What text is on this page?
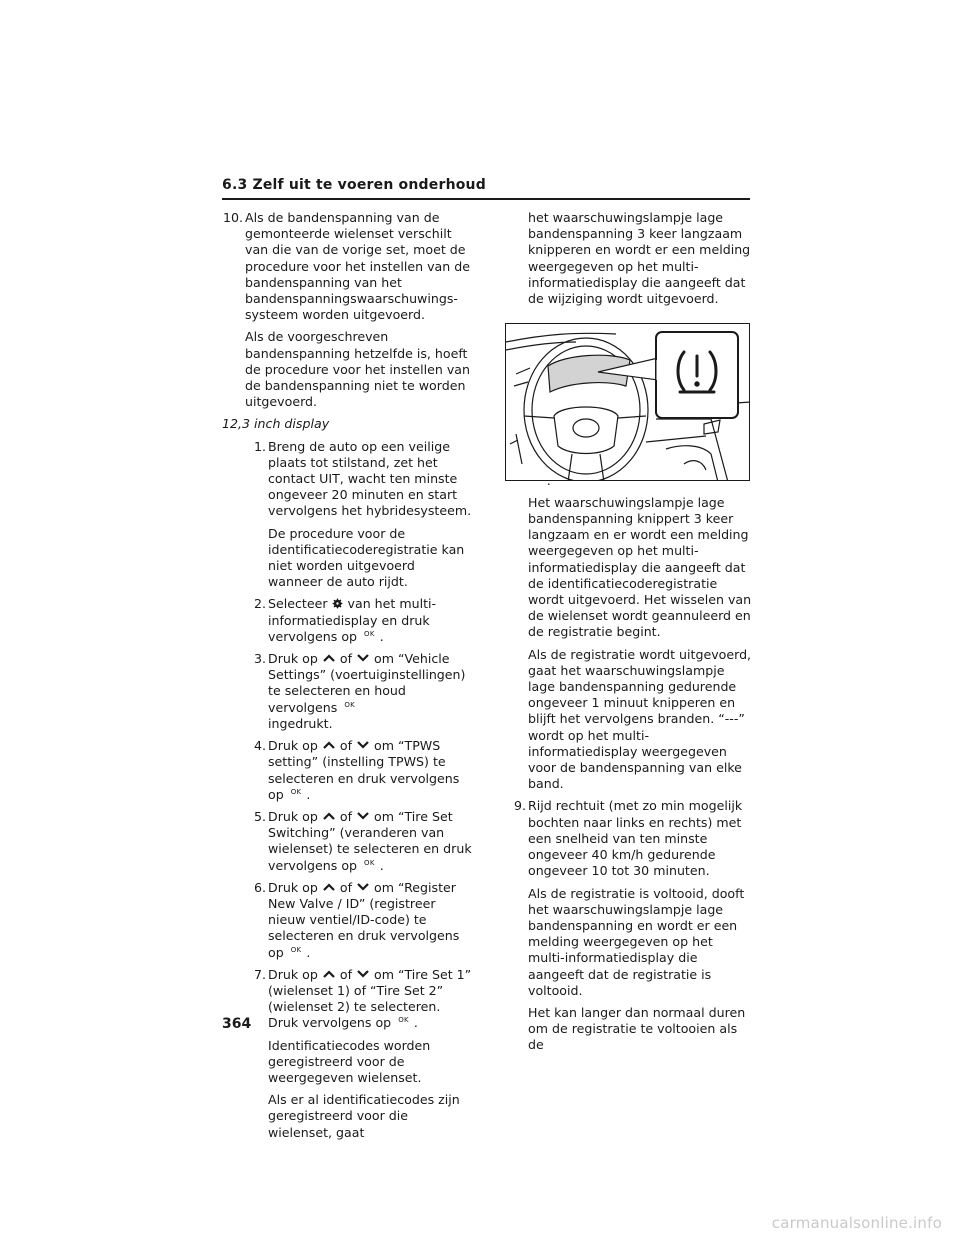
6.3 Zelf uit te voeren onderhoud
10. Als de bandenspanning van de gemonteerde wielenset verschilt van die van de vorige set, moet de procedure voor het instellen van de bandenspanning van het bandenspanningswaarschuwings-systeem worden uitgevoerd.

Als de voorgeschreven bandenspanning hetzelfde is, hoeft de procedure voor het instellen van de bandenspanning niet te worden uitgevoerd.

12,3 inch display
1. Breng de auto op een veilige plaats tot stilstand, zet het contact UIT, wacht ten minste ongeveer 20 minuten en start vervolgens het hybridesysteem.

De procedure voor de identificatiecoderegistratie kan niet worden uitgevoerd wanneer de auto rijdt.

2. Selecteer van het multi-informatiedisplay en druk vervolgens op OK .

3. Druk op of om “Vehicle Settings” (voertuiginstellingen) te selecteren en houd vervolgens OK
ingedrukt.

4. Druk op of om “TPWS setting” (instelling TPWS) te selecteren en druk vervolgens op OK .

5. Druk op of om “Tire Set Switching” (veranderen van wielenset) te selecteren en druk vervolgens op OK .

6. Druk op of om “Register New Valve / ID” (registreer nieuw ventiel/ID-code) te selecteren en druk vervolgens op OK .

7. Druk op of om “Tire Set 1” (wielenset 1) of “Tire Set 2” (wielenset 2) te selecteren. Druk vervolgens op OK .

Identificatiecodes worden geregistreerd voor de weergegeven wielenset.

Als er al identificatiecodes zijn geregistreerd voor die wielenset, gaat

het waarschuwingslampje lage bandenspanning 3 keer langzaam knipperen en wordt er een melding weergegeven op het multi-informatiedisplay die aangeeft dat de wijziging wordt uitgevoerd.

Het waarschuwingslampje lage bandenspanning knippert 3 keer langzaam en er wordt een melding weergegeven op het multi-informatiedisplay die aangeeft dat de identificatiecoderegistratie wordt uitgevoerd. Het wisselen van de wielenset wordt geannuleerd en de registratie begint.

Als de registratie wordt uitgevoerd, gaat het waarschuwingslampje lage bandenspanning gedurende ongeveer 1 minuut knipperen en blijft het vervolgens branden. “---” wordt op het multi-informatiedisplay weergegeven voor de bandenspanning van elke band.

9. Rijd rechtuit (met zo min mogelijk bochten naar links en rechts) met een snelheid van ten minste ongeveer 40 km/h gedurende ongeveer 10 tot 30 minuten.

Als de registratie is voltooid, dooft het waarschuwingslampje lage bandenspanning en wordt er een melding weergegeven op het multi-informatiedisplay die aangeeft dat de registratie is voltooid.

Het kan langer dan normaal duren om de registratie te voltooien als de

364
carmanualsonline.info
